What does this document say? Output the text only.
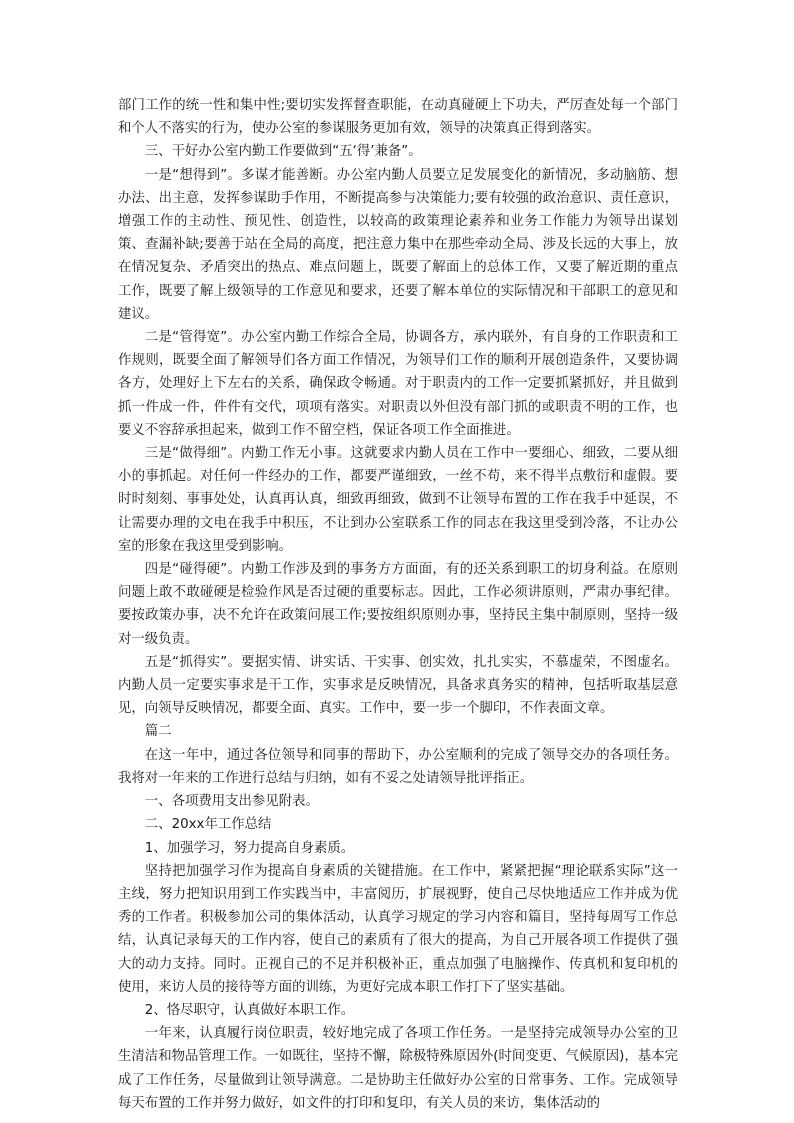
部门工作的统一性和集中性;要切实发挥督查职能，在动真碰硬上下功夫，严厉查处每一个部门和个人不落实的行为，使办公室的参谋服务更加有效，领导的决策真正得到落实。

三、干好办公室内勤工作要做到“五‘得’兼备”。

一是“想得到”。多谋才能善断。办公室内勤人员要立足发展变化的新情况，多动脑筋、想办法、出主意，发挥参谋助手作用，不断提高参与决策能力;要有较强的政治意识、责任意识，增强工作的主动性、预见性、创造性，以较高的政策理论素养和业务工作能力为领导出谋划策、查漏补缺;要善于站在全局的高度，把注意力集中在那些牵动全局、涉及长远的大事上，放在情况复杂、矛盾突出的热点、难点问题上，既要了解面上的总体工作，又要了解近期的重点工作，既要了解上级领导的工作意见和要求，还要了解本单位的实际情况和干部职工的意见和建议。

二是“管得宽”。办公室内勤工作综合全局，协调各方，承内联外，有自身的工作职责和工作规则，既要全面了解领导们各方面工作情况，为领导们工作的顺利开展创造条件，又要协调各方，处理好上下左右的关系，确保政令畅通。对于职责内的工作一定要抓紧抓好，并且做到抓一件成一件，件件有交代，项项有落实。对职责以外但没有部门抓的或职责不明的工作，也要义不容辞承担起来，做到工作不留空档，保证各项工作全面推进。

三是“做得细”。内勤工作无小事。这就要求内勤人员在工作中一要细心、细致，二要从细小的事抓起。对任何一件经办的工作，都要严谨细致，一丝不苟，来不得半点敷衍和虚假。要时时刻刻、事事处处，认真再认真，细致再细致，做到不让领导布置的工作在我手中延误，不让需要办理的文电在我手中积压，不让到办公室联系工作的同志在我这里受到冷落，不让办公室的形象在我这里受到影响。

四是“碰得硬”。内勤工作涉及到的事务方方面面，有的还关系到职工的切身利益。在原则问题上敢不敢碰硬是检验作风是否过硬的重要标志。因此，工作必须讲原则，严肃办事纪律。要按政策办事，决不允许在政策问展工作;要按组织原则办事，坚持民主集中制原则，坚持一级对一级负责。

五是“抓得实”。要据实情、讲实话、干实事、创实效，扎扎实实，不慕虚荣，不图虚名。内勤人员一定要实事求是干工作，实事求是反映情况，具备求真务实的精神，包括听取基层意见，向领导反映情况，都要全面、真实。工作中，要一步一个脚印，不作表面文章。

篇二

在这一年中，通过各位领导和同事的帮助下，办公室顺利的完成了领导交办的各项任务。我将对一年来的工作进行总结与归纳，如有不妥之处请领导批评指正。

一、各项费用支出参见附表。

二、20xx年工作总结

1、加强学习，努力提高自身素质。

坚持把加强学习作为提高自身素质的关键措施。在工作中，紧紧把握“理论联系实际”这一主线，努力把知识用到工作实践当中，丰富阅历，扩展视野，使自己尽快地适应工作并成为优秀的工作者。积极参加公司的集体活动，认真学习规定的学习内容和篇目，坚持每周写工作总结，认真记录每天的工作内容，使自己的素质有了很大的提高，为自己开展各项工作提供了强大的动力支持。同时。正视自己的不足并积极补正，重点加强了电脑操作、传真机和复印机的使用，来访人员的接待等方面的训练，为更好完成本职工作打下了坚实基础。

2、恪尽职守，认真做好本职工作。

一年来，认真履行岗位职责，较好地完成了各项工作任务。一是坚持完成领导办公室的卫生清洁和物品管理工作。一如既往，坚持不懈，除极特殊原因外(时间变更、气候原因)，基本完成了工作任务，尽量做到让领导满意。二是协助主任做好办公室的日常事务、工作。完成领导每天布置的工作并努力做好，如文件的打印和复印，有关人员的来访，集体活动的
